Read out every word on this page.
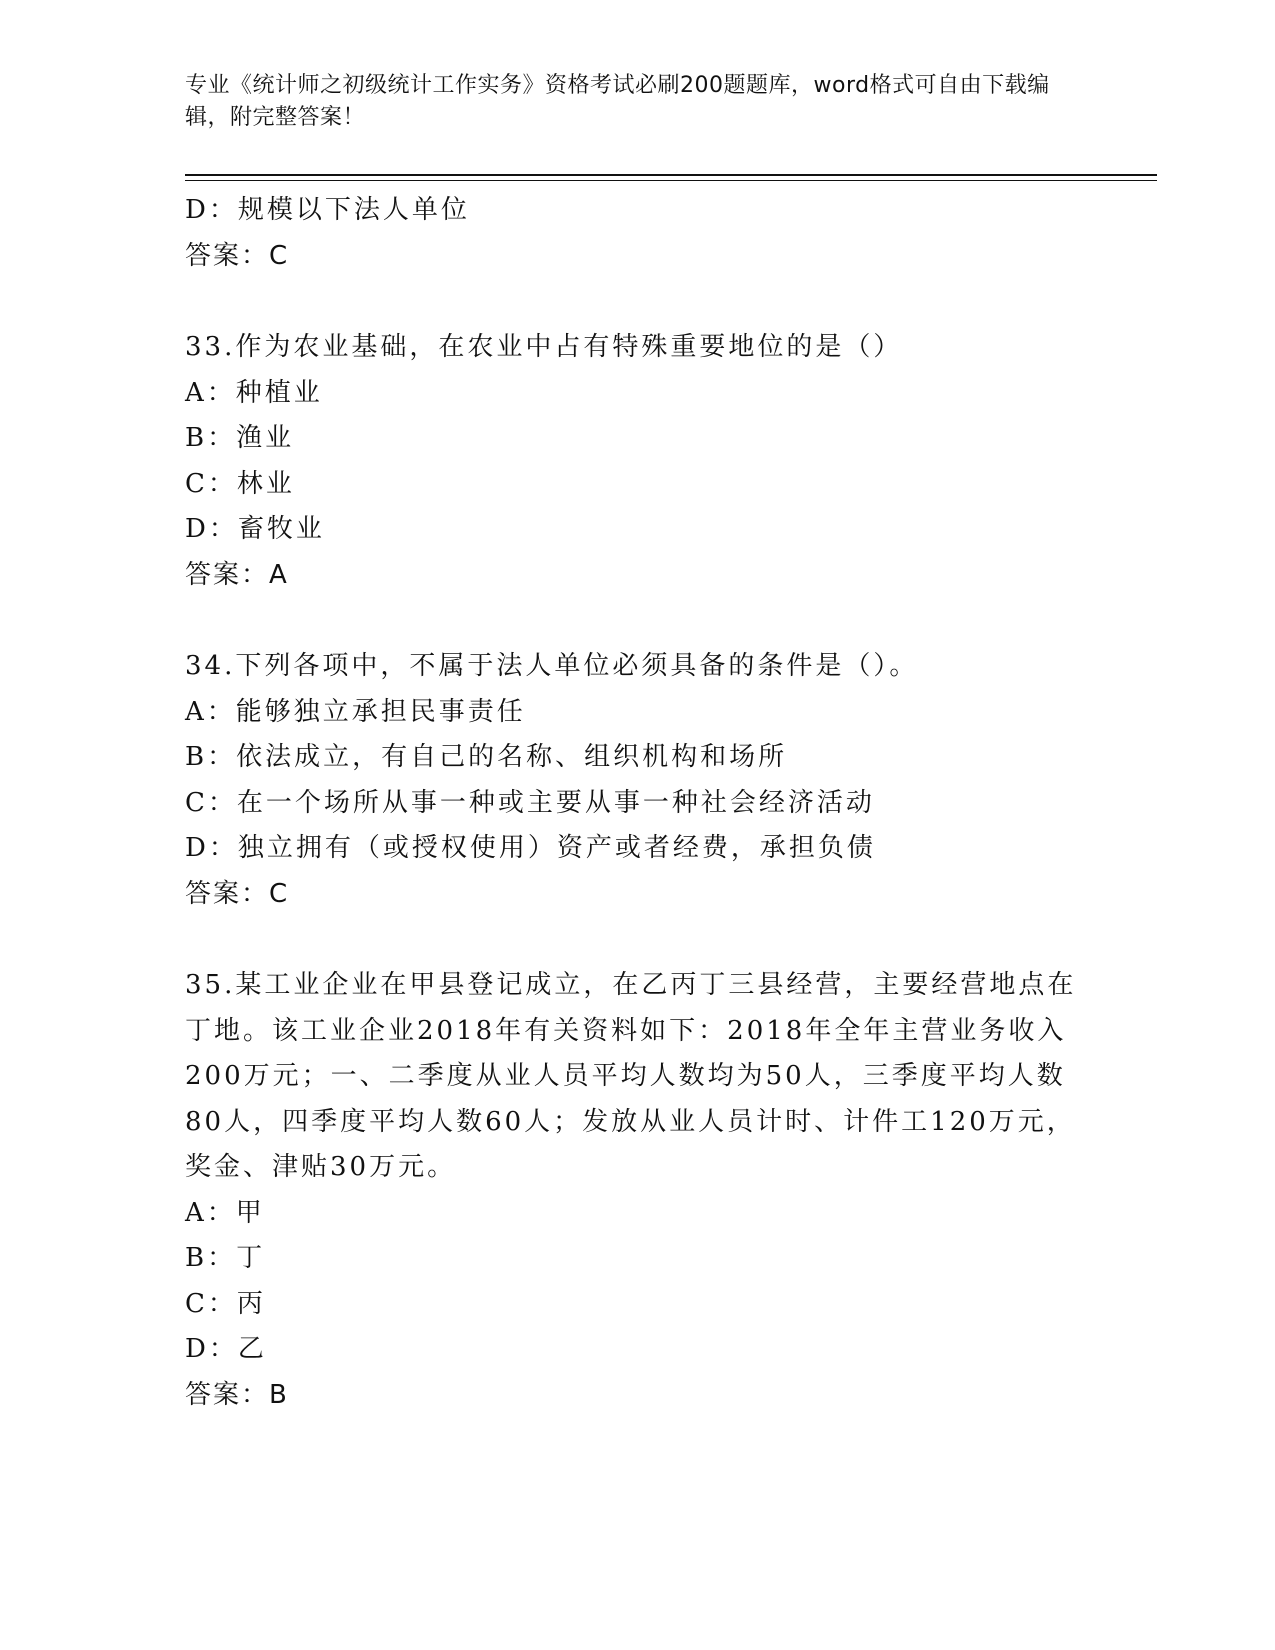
专业《统计师之初级统计工作实务》资格考试必刷200题题库，word格式可自由下载编辑，附完整答案！
D：规模以下法人单位
答案：C
33.作为农业基础，在农业中占有特殊重要地位的是（）
A：种植业
B：渔业
C：林业
D：畜牧业
答案：A
34.下列各项中，不属于法人单位必须具备的条件是（）。
A：能够独立承担民事责任
B：依法成立，有自己的名称、组织机构和场所
C：在一个场所从事一种或主要从事一种社会经济活动
D：独立拥有（或授权使用）资产或者经费，承担负债
答案：C
35.某工业企业在甲县登记成立，在乙丙丁三县经营，主要经营地点在丁地。该工业企业2018年有关资料如下：2018年全年主营业务收入200万元；一、二季度从业人员平均人数均为50人，三季度平均人数80人，四季度平均人数60人；发放从业人员计时、计件工120万元，奖金、津贴30万元。
A：甲
B：丁
C：丙
D：乙
答案：B
